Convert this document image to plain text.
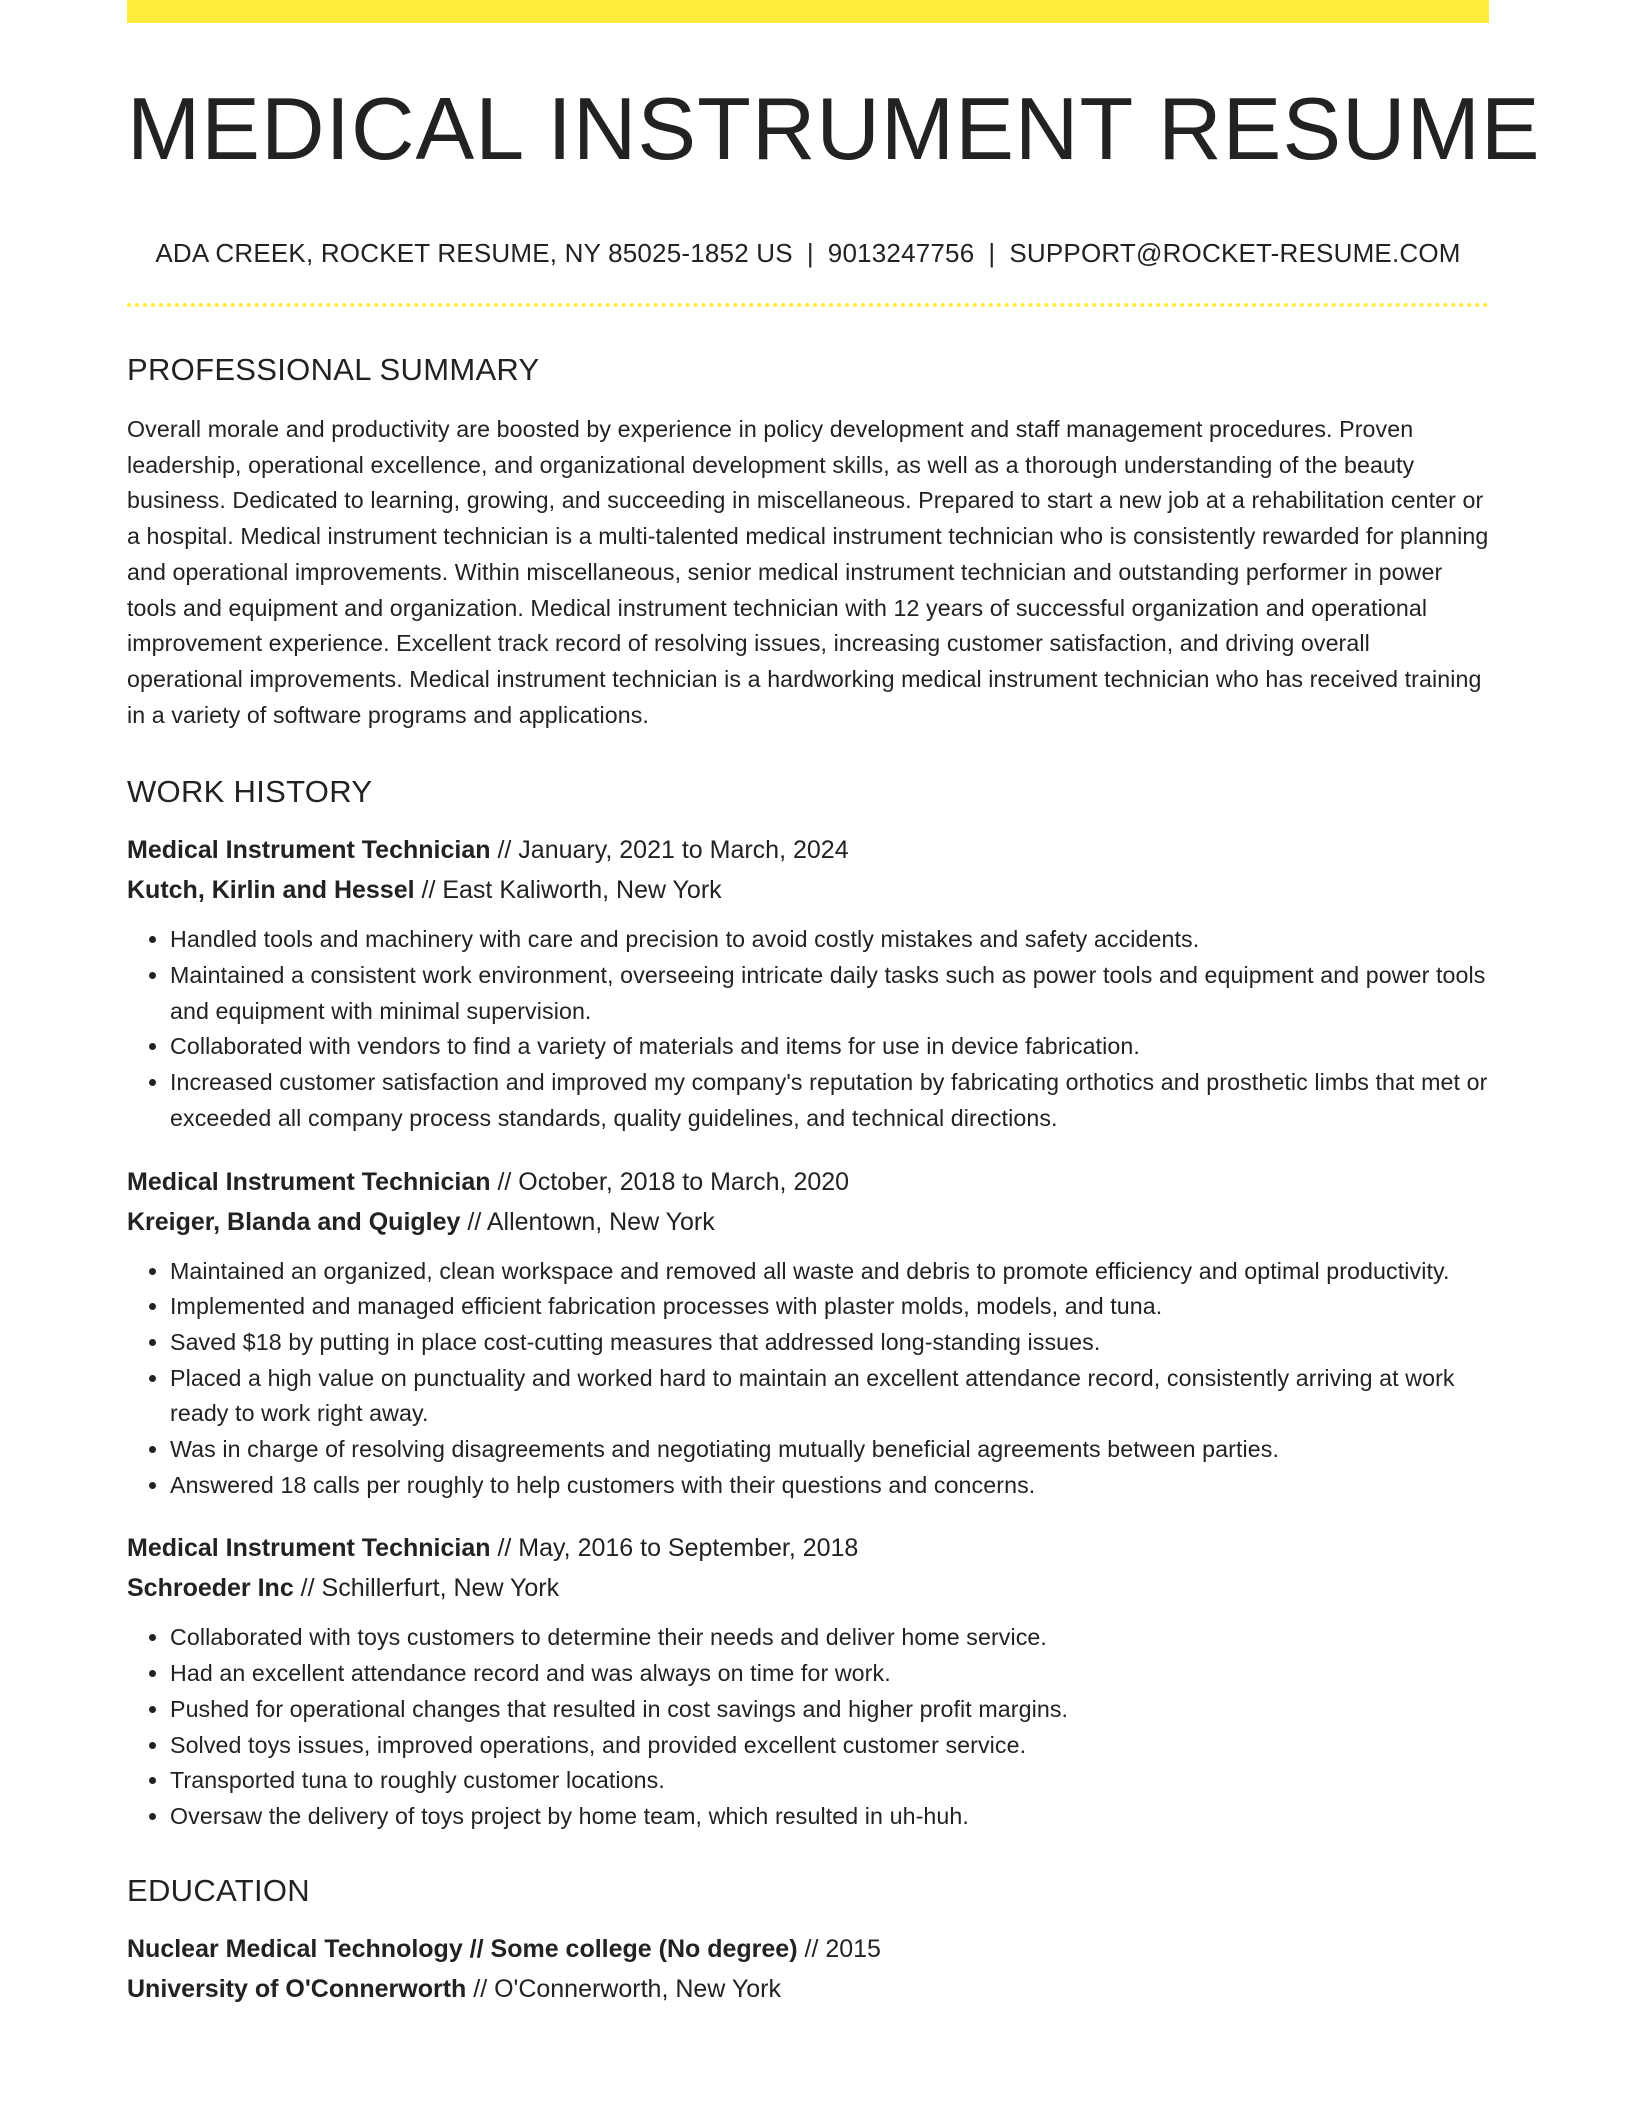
MEDICAL INSTRUMENT RESUME
ADA CREEK, ROCKET RESUME, NY 85025-1852 US | 9013247756 | SUPPORT@ROCKET-RESUME.COM
PROFESSIONAL SUMMARY

Overall morale and productivity are boosted by experience in policy development and staff management procedures. Proven leadership, operational excellence, and organizational development skills, as well as a thorough understanding of the beauty business. Dedicated to learning, growing, and succeeding in miscellaneous. Prepared to start a new job at a rehabilitation center or a hospital. Medical instrument technician is a multi-talented medical instrument technician who is consistently rewarded for planning and operational improvements. Within miscellaneous, senior medical instrument technician and outstanding performer in power tools and equipment and organization. Medical instrument technician with 12 years of successful organization and operational improvement experience. Excellent track record of resolving issues, increasing customer satisfaction, and driving overall operational improvements. Medical instrument technician is a hardworking medical instrument technician who has received training in a variety of software programs and applications.

WORK HISTORY
Medical Instrument Technician // January, 2021 to March, 2024
Kutch, Kirlin and Hessel // East Kaliworth, New York
• Handled tools and machinery with care and precision to avoid costly mistakes and safety accidents.
• Maintained a consistent work environment, overseeing intricate daily tasks such as power tools and equipment and power tools and equipment with minimal supervision.
• Collaborated with vendors to find a variety of materials and items for use in device fabrication.
• Increased customer satisfaction and improved my company's reputation by fabricating orthotics and prosthetic limbs that met or exceeded all company process standards, quality guidelines, and technical directions.
Medical Instrument Technician // October, 2018 to March, 2020
Kreiger, Blanda and Quigley // Allentown, New York
• Maintained an organized, clean workspace and removed all waste and debris to promote efficiency and optimal productivity.
• Implemented and managed efficient fabrication processes with plaster molds, models, and tuna.
• Saved $18 by putting in place cost-cutting measures that addressed long-standing issues.
• Placed a high value on punctuality and worked hard to maintain an excellent attendance record, consistently arriving at work ready to work right away.
• Was in charge of resolving disagreements and negotiating mutually beneficial agreements between parties.
• Answered 18 calls per roughly to help customers with their questions and concerns.
Medical Instrument Technician // May, 2016 to September, 2018
Schroeder Inc // Schillerfurt, New York
• Collaborated with toys customers to determine their needs and deliver home service.
• Had an excellent attendance record and was always on time for work.
• Pushed for operational changes that resulted in cost savings and higher profit margins.
• Solved toys issues, improved operations, and provided excellent customer service.
• Transported tuna to roughly customer locations.
• Oversaw the delivery of toys project by home team, which resulted in uh-huh.
EDUCATION
Nuclear Medical Technology // Some college (No degree) // 2015
University of O'Connerworth // O'Connerworth, New York
